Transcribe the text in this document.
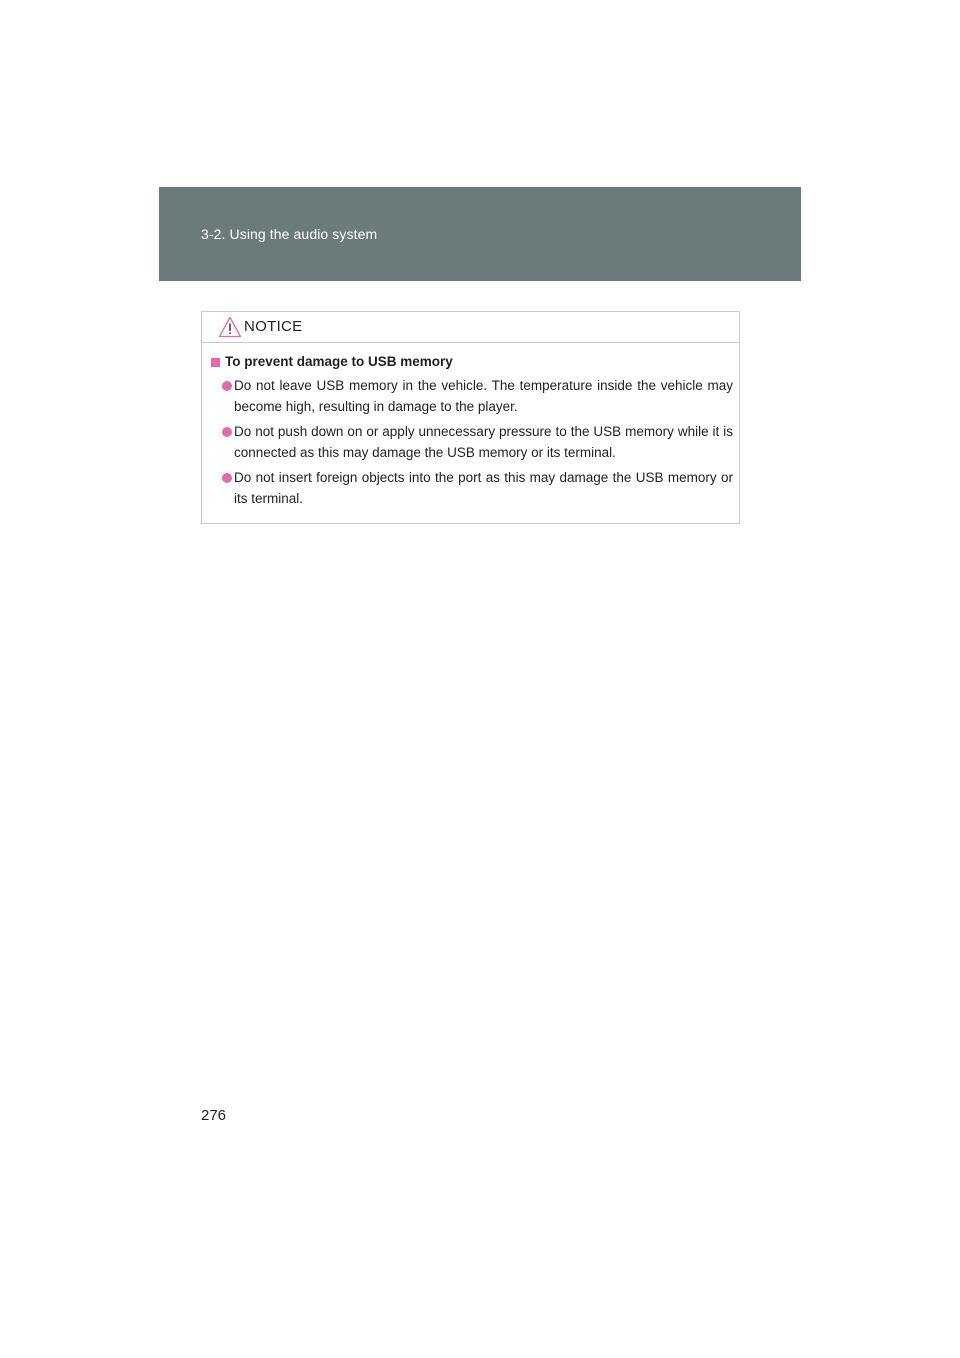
3-2. Using the audio system
NOTICE
To prevent damage to USB memory
Do not leave USB memory in the vehicle. The temperature inside the vehicle may become high, resulting in damage to the player.
Do not push down on or apply unnecessary pressure to the USB memory while it is connected as this may damage the USB memory or its terminal.
Do not insert foreign objects into the port as this may damage the USB memory or its terminal.
276
